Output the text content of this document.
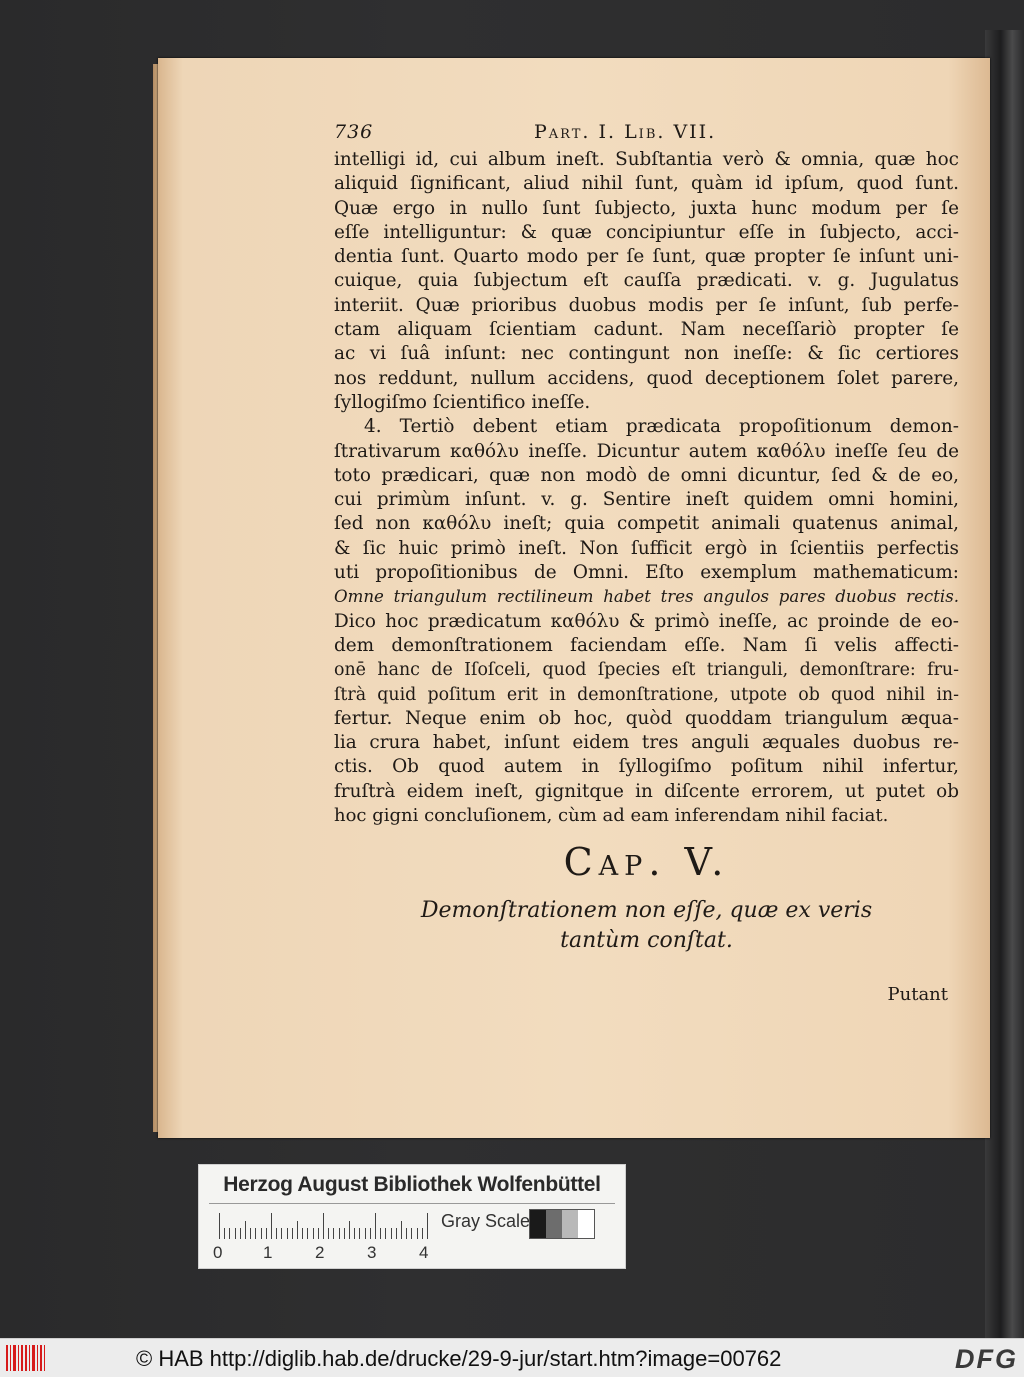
736	Part. I. Lib. VII.
intelligi id, cui album ineſt. Subſtantia verò & omnia, quæ hoc
aliquid ſignificant, aliud nihil ſunt, quàm id ipſum, quod ſunt.
Quæ ergo in nullo ſunt ſubjecto, juxta hunc modum per ſe
eſſe intelliguntur: & quæ concipiuntur eſſe in ſubjecto, acci-
dentia ſunt. Quarto modo per ſe ſunt, quæ propter ſe inſunt uni-
cuique, quia ſubjectum eſt cauſſa prædicati. v. g. Jugulatus
interiit. Quæ prioribus duobus modis per ſe inſunt, ſub perfe-
ctam aliquam ſcientiam cadunt. Nam neceſſariò propter ſe
ac vi ſuâ inſunt: nec contingunt non ineſſe: & ſic certiores
nos reddunt, nullum accidens, quod deceptionem ſolet parere,
ſyllogiſmo ſcientifico ineſſe.
4. Tertiò debent etiam prædicata propoſitionum demon-
ſtrativarum καθόλυ ineſſe. Dicuntur autem καθόλυ ineſſe ſeu de
toto prædicari, quæ non modò de omni dicuntur, ſed & de eo,
cui primùm inſunt. v. g. Sentire ineſt quidem omni homini,
ſed non καθόλυ ineſt; quia competit animali quatenus animal,
& ſic huic primò ineſt. Non ſufficit ergò in ſcientiis perfectis
uti propoſitionibus de Omni. Eſto exemplum mathematicum:
Omne triangulum rectilineum habet tres angulos pares duobus rectis.
Dico hoc prædicatum καθόλυ & primò ineſſe, ac proinde de eo-
dem demonſtrationem faciendam eſſe. Nam ſi velis affecti-
onē hanc de Iſoſceli, quod ſpecies eſt trianguli, demonſtrare: fru-
ſtrà quid poſitum erit in demonſtratione, utpote ob quod nihil in-
fertur. Neque enim ob hoc, quòd quoddam triangulum æqua-
lia crura habet, inſunt eidem tres anguli æquales duobus re-
ctis. Ob quod autem in ſyllogiſmo poſitum nihil infertur,
fruſtrà eidem ineſt, gignitque in diſcente errorem, ut putet ob
hoc gigni concluſionem, cùm ad eam inferendam nihil faciat.
Cap. V.
Demonſtrationem non eſſe, quæ ex veris
tantùm conſtat.
Putant
Herzog August Bibliothek Wolfenbüttel
0 1	2	3	4
Gray Scale
© HAB http://diglib.hab.de/drucke/29-9-jur/start.htm?image=00762	DFG
